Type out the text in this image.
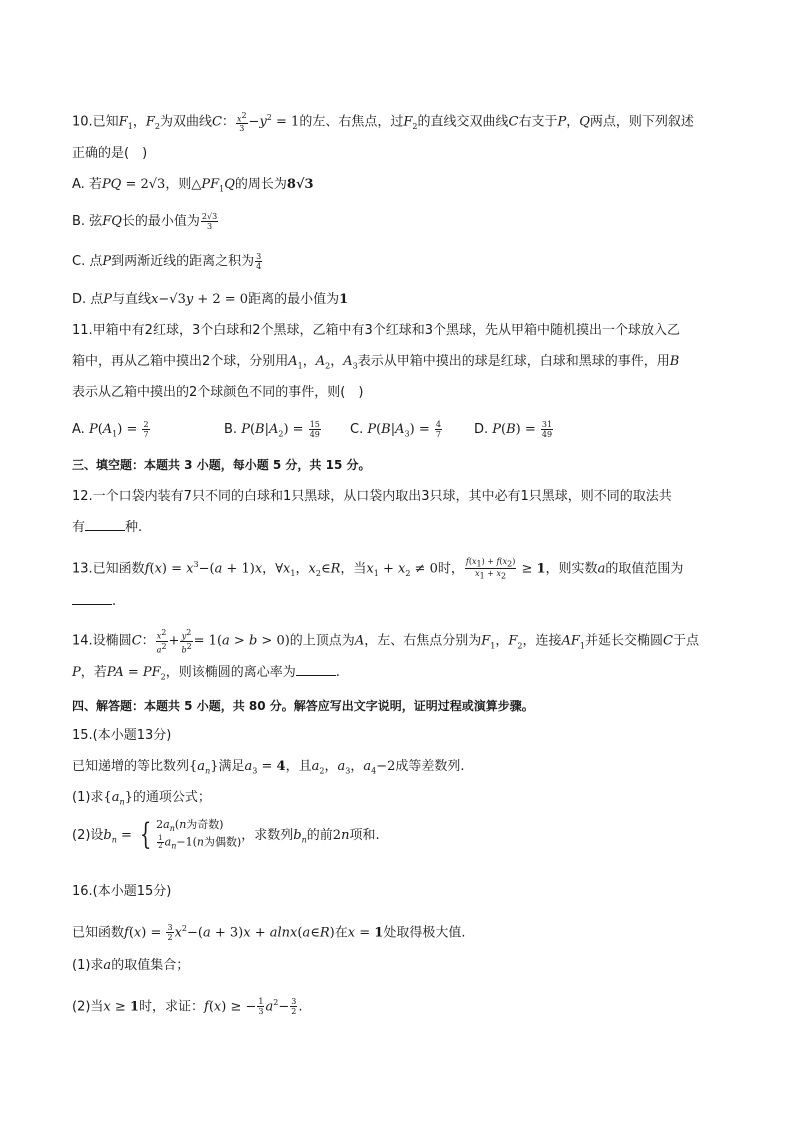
10.已知$F_1$，$F_2$为双曲线C： $\frac{x^2}{3} -y^2 = 1$的左、右焦点，过$F_2$的直线交双曲线C右支于P，Q两点，则下列叙述
正确的是(　)
A. 若PQ = 2√3，则$\triangle PF_1Q$的周长为8√3
B. 弦FQ长的最小值为 $\frac{2√3}{3}$
C. 点P到两渐近线的距离之积为 $\frac{3}{4}$
D. 点P与直线x−√3y + 2 = 0距离的最小值为1
11.甲箱中有2红球，3个白球和2个黑球，乙箱中有3个红球和3个黑球，先从甲箱中随机摸出一个球放入乙
箱中，再从乙箱中摸出2个球，分别用$A_1$，$A_2$，$A_3$表示从甲箱中摸出的球是红球，白球和黑球的事件，用B
表示从乙箱中摸出的2个球颜色不同的事件，则(　)
A. $P(A_1) = \frac{2}{7}$	B. $P(B|A_2) = \frac{15}{49} C$. $P(B|A_3) = \frac{4}{7} D$. $P(B) = \frac{31}{49}$
三、填空题：本题共 3 小题，每小题 5 分，共 15 分。
12.一个口袋内装有7只不同的白球和1只黑球，从口袋内取出3只球，其中必有1只黑球，则不同的取法共
有	种.
13.已知函数$f(x) = x^3-(a + 1)x$，$\forall x_1$，$x_2\in R$，当$x_1 + x_2 \ne 0$时， $\frac{f(x_1) + f(x_2)}{x_1 + x_2} \ge 1$，则实数a的取值范围为
.
14.设椭圆C： $\frac{x^2}{a^2} + \frac{y^2}{b^2} = 1(a > b > 0)$的上顶点为A，左、右焦点分别为$F_1$，$F_2$，连接$AF_1$并延长交椭圆C于点
P，若PA = $PF_2$，则该椭圆的离心率为	.
四、解答题：本题共 5 小题，共 80 分。解答应写出文字说明，证明过程或演算步骤。
15.(本小题13分)
已知递增的等比数列$\{a_n\}$满足$a_3 = 4$，且$a_2$，$a_3$，$a_4-2$成等差数列.
(1)求$\{a_n\}$的通项公式；
(2)设$b_n$ = { $2a_n(n$为奇数)
$\frac{1}{2} a_n-1(n$为偶数) ，求数列$b_n$的前2n项和.
16.(本小题15分)
已知函数$f(x) = \frac{3}{2} x^2-(a + 3)x$ + alnx(a∈R)在x = 1处取得极大值.
(1)求a的取值集合；
(2)当x ≥ 1时，求证：f(x) ≥ − $\frac{1}{3} a^2- \frac{3}{2}$ .
